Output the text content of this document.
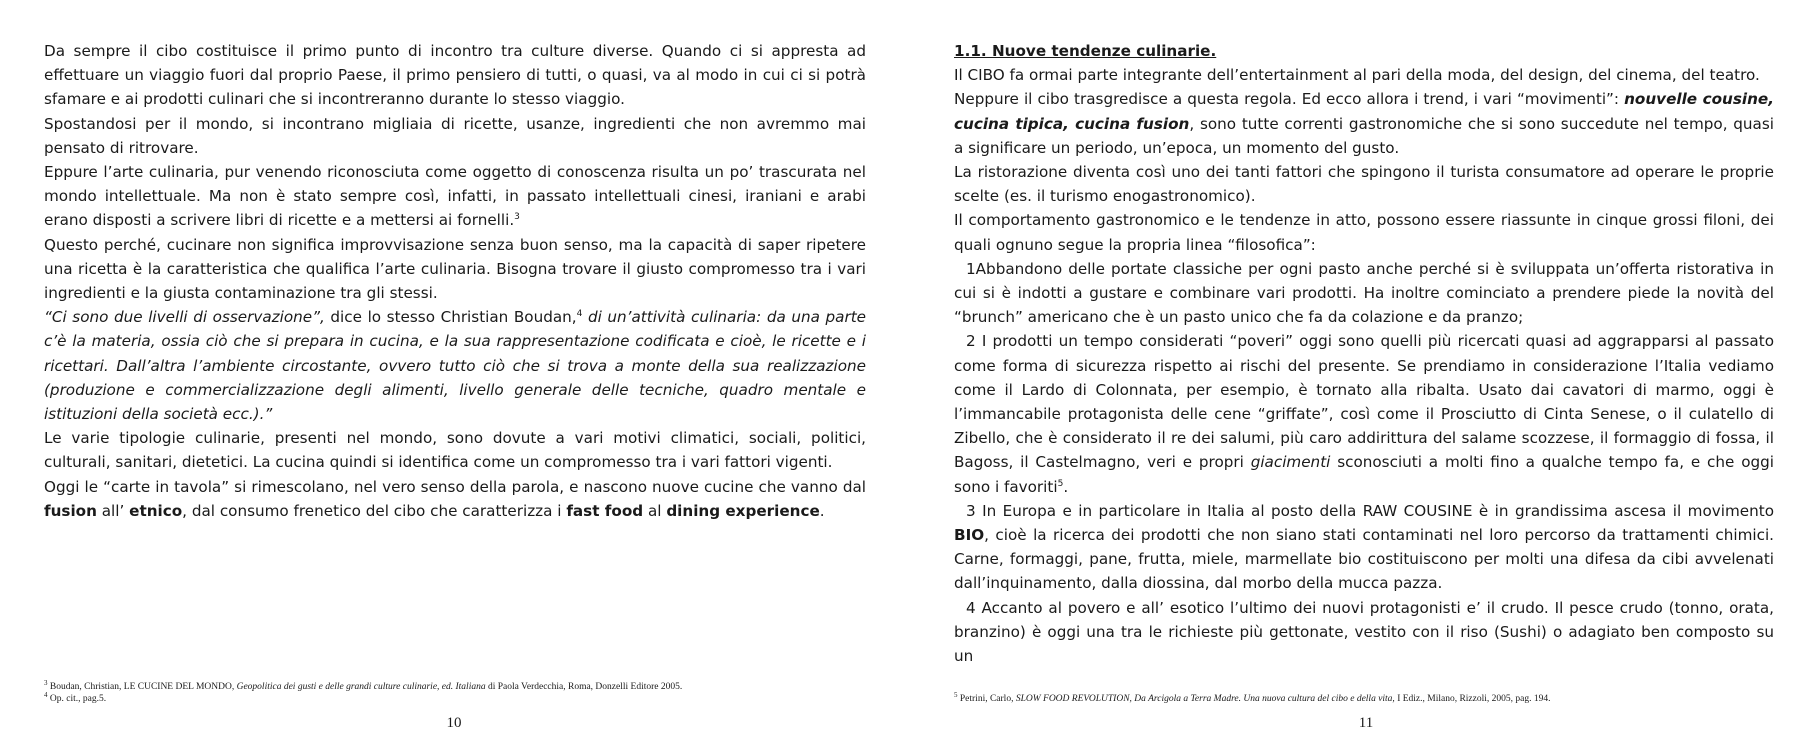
Da sempre il cibo costituisce il primo punto di incontro tra culture diverse. Quando ci si appresta ad effettuare un viaggio fuori dal proprio Paese, il primo pensiero di tutti, o quasi, va al modo in cui ci si potrà sfamare e ai prodotti culinari che si incontreranno durante lo stesso viaggio.

Spostandosi per il mondo, si incontrano migliaia di ricette, usanze, ingredienti che non avremmo mai pensato di ritrovare.

Eppure l’arte culinaria, pur venendo riconosciuta come oggetto di conoscenza risulta un po’ trascurata nel mondo intellettuale. Ma non è stato sempre così, infatti, in passato intellettuali cinesi, iraniani e arabi erano disposti a scrivere libri di ricette e a mettersi ai fornelli.$^3$

Questo perché, cucinare non significa improvvisazione senza buon senso, ma la capacità di saper ripetere una ricetta è la caratteristica che qualifica l’arte culinaria. Bisogna trovare il giusto compromesso tra i vari ingredienti e la giusta contaminazione tra gli stessi.

“Ci sono due livelli di osservazione”, dice lo stesso Christian Boudan,$^4$ di un’attività culinaria: da una parte c’è la materia, ossia ciò che si prepara in cucina, e la sua rappresentazione codificata e cioè, le ricette e i ricettari. Dall’altra l’ambiente circostante, ovvero tutto ciò che si trova a monte della sua realizzazione (produzione e commercializzazione degli alimenti, livello generale delle tecniche, quadro mentale e istituzioni della società ecc.).”

Le varie tipologie culinarie, presenti nel mondo, sono dovute a vari motivi climatici, sociali, politici, culturali, sanitari, dietetici. La cucina quindi si identifica come un compromesso tra i vari fattori vigenti.

Oggi le “carte in tavola” si rimescolano, nel vero senso della parola, e nascono nuove cucine che vanno dal fusion all’ etnico, dal consumo frenetico del cibo che caratterizza i fast food al dining experience.

$^3$ Boudan, Christian, LE CUCINE DEL MONDO, Geopolitica dei gusti e delle grandi culture culinarie, ed. Italiana di Paola Verdecchia, Roma, Donzelli Editore 2005.
$^4$ Op. cit., pag.5.
10

1.1. Nuove tendenze culinarie.

Il CIBO fa ormai parte integrante dell’entertainment al pari della moda, del design, del cinema, del teatro.

Neppure il cibo trasgredisce a questa regola. Ed ecco allora i trend, i vari “movimenti”: nouvelle cousine, cucina tipica, cucina fusion, sono tutte correnti gastronomiche che si sono succedute nel tempo, quasi a significare un periodo, un’epoca, un momento del gusto.

La ristorazione diventa così uno dei tanti fattori che spingono il turista consumatore ad operare le proprie scelte (es. il turismo enogastronomico).

Il comportamento gastronomico e le tendenze in atto, possono essere riassunte in cinque grossi filoni, dei quali ognuno segue la propria linea “filosofica”:

1Abbandono delle portate classiche per ogni pasto anche perché si è sviluppata un’offerta ristorativa in cui si è indotti a gustare e combinare vari prodotti. Ha inoltre cominciato a prendere piede la novità del “brunch” americano che è un pasto unico che fa da colazione e da pranzo;

2 I prodotti un tempo considerati “poveri” oggi sono quelli più ricercati quasi ad aggrapparsi al passato come forma di sicurezza rispetto ai rischi del presente. Se prendiamo in considerazione l’Italia vediamo come il Lardo di Colonnata, per esempio, è tornato alla ribalta. Usato dai cavatori di marmo, oggi è l’immancabile protagonista delle cene “griffate”, così come il Prosciutto di Cinta Senese, o il culatello di Zibello, che è considerato il re dei salumi, più caro addirittura del salame scozzese, il formaggio di fossa, il Bagoss, il Castelmagno, veri e propri giacimenti sconosciuti a molti fino a qualche tempo fa, e che oggi sono i favoriti$^5$.

3 In Europa e in particolare in Italia al posto della RAW COUSINE è in grandissima ascesa il movimento BIO, cioè la ricerca dei prodotti che non siano stati contaminati nel loro percorso da trattamenti chimici. Carne, formaggi, pane, frutta, miele, marmellate bio costituiscono per molti una difesa da cibi avvelenati dall’inquinamento, dalla diossina, dal morbo della mucca pazza.

4 Accanto al povero e all’ esotico l’ultimo dei nuovi protagonisti e’ il crudo. Il pesce crudo (tonno, orata, branzino) è oggi una tra le richieste più gettonate, vestito con il riso (Sushi) o adagiato ben composto su un

$^5$ Petrini, Carlo, SLOW FOOD REVOLUTION, Da Arcigola a Terra Madre. Una nuova cultura del cibo e della vita, I Ediz., Milano, Rizzoli, 2005, pag. 194.
11
